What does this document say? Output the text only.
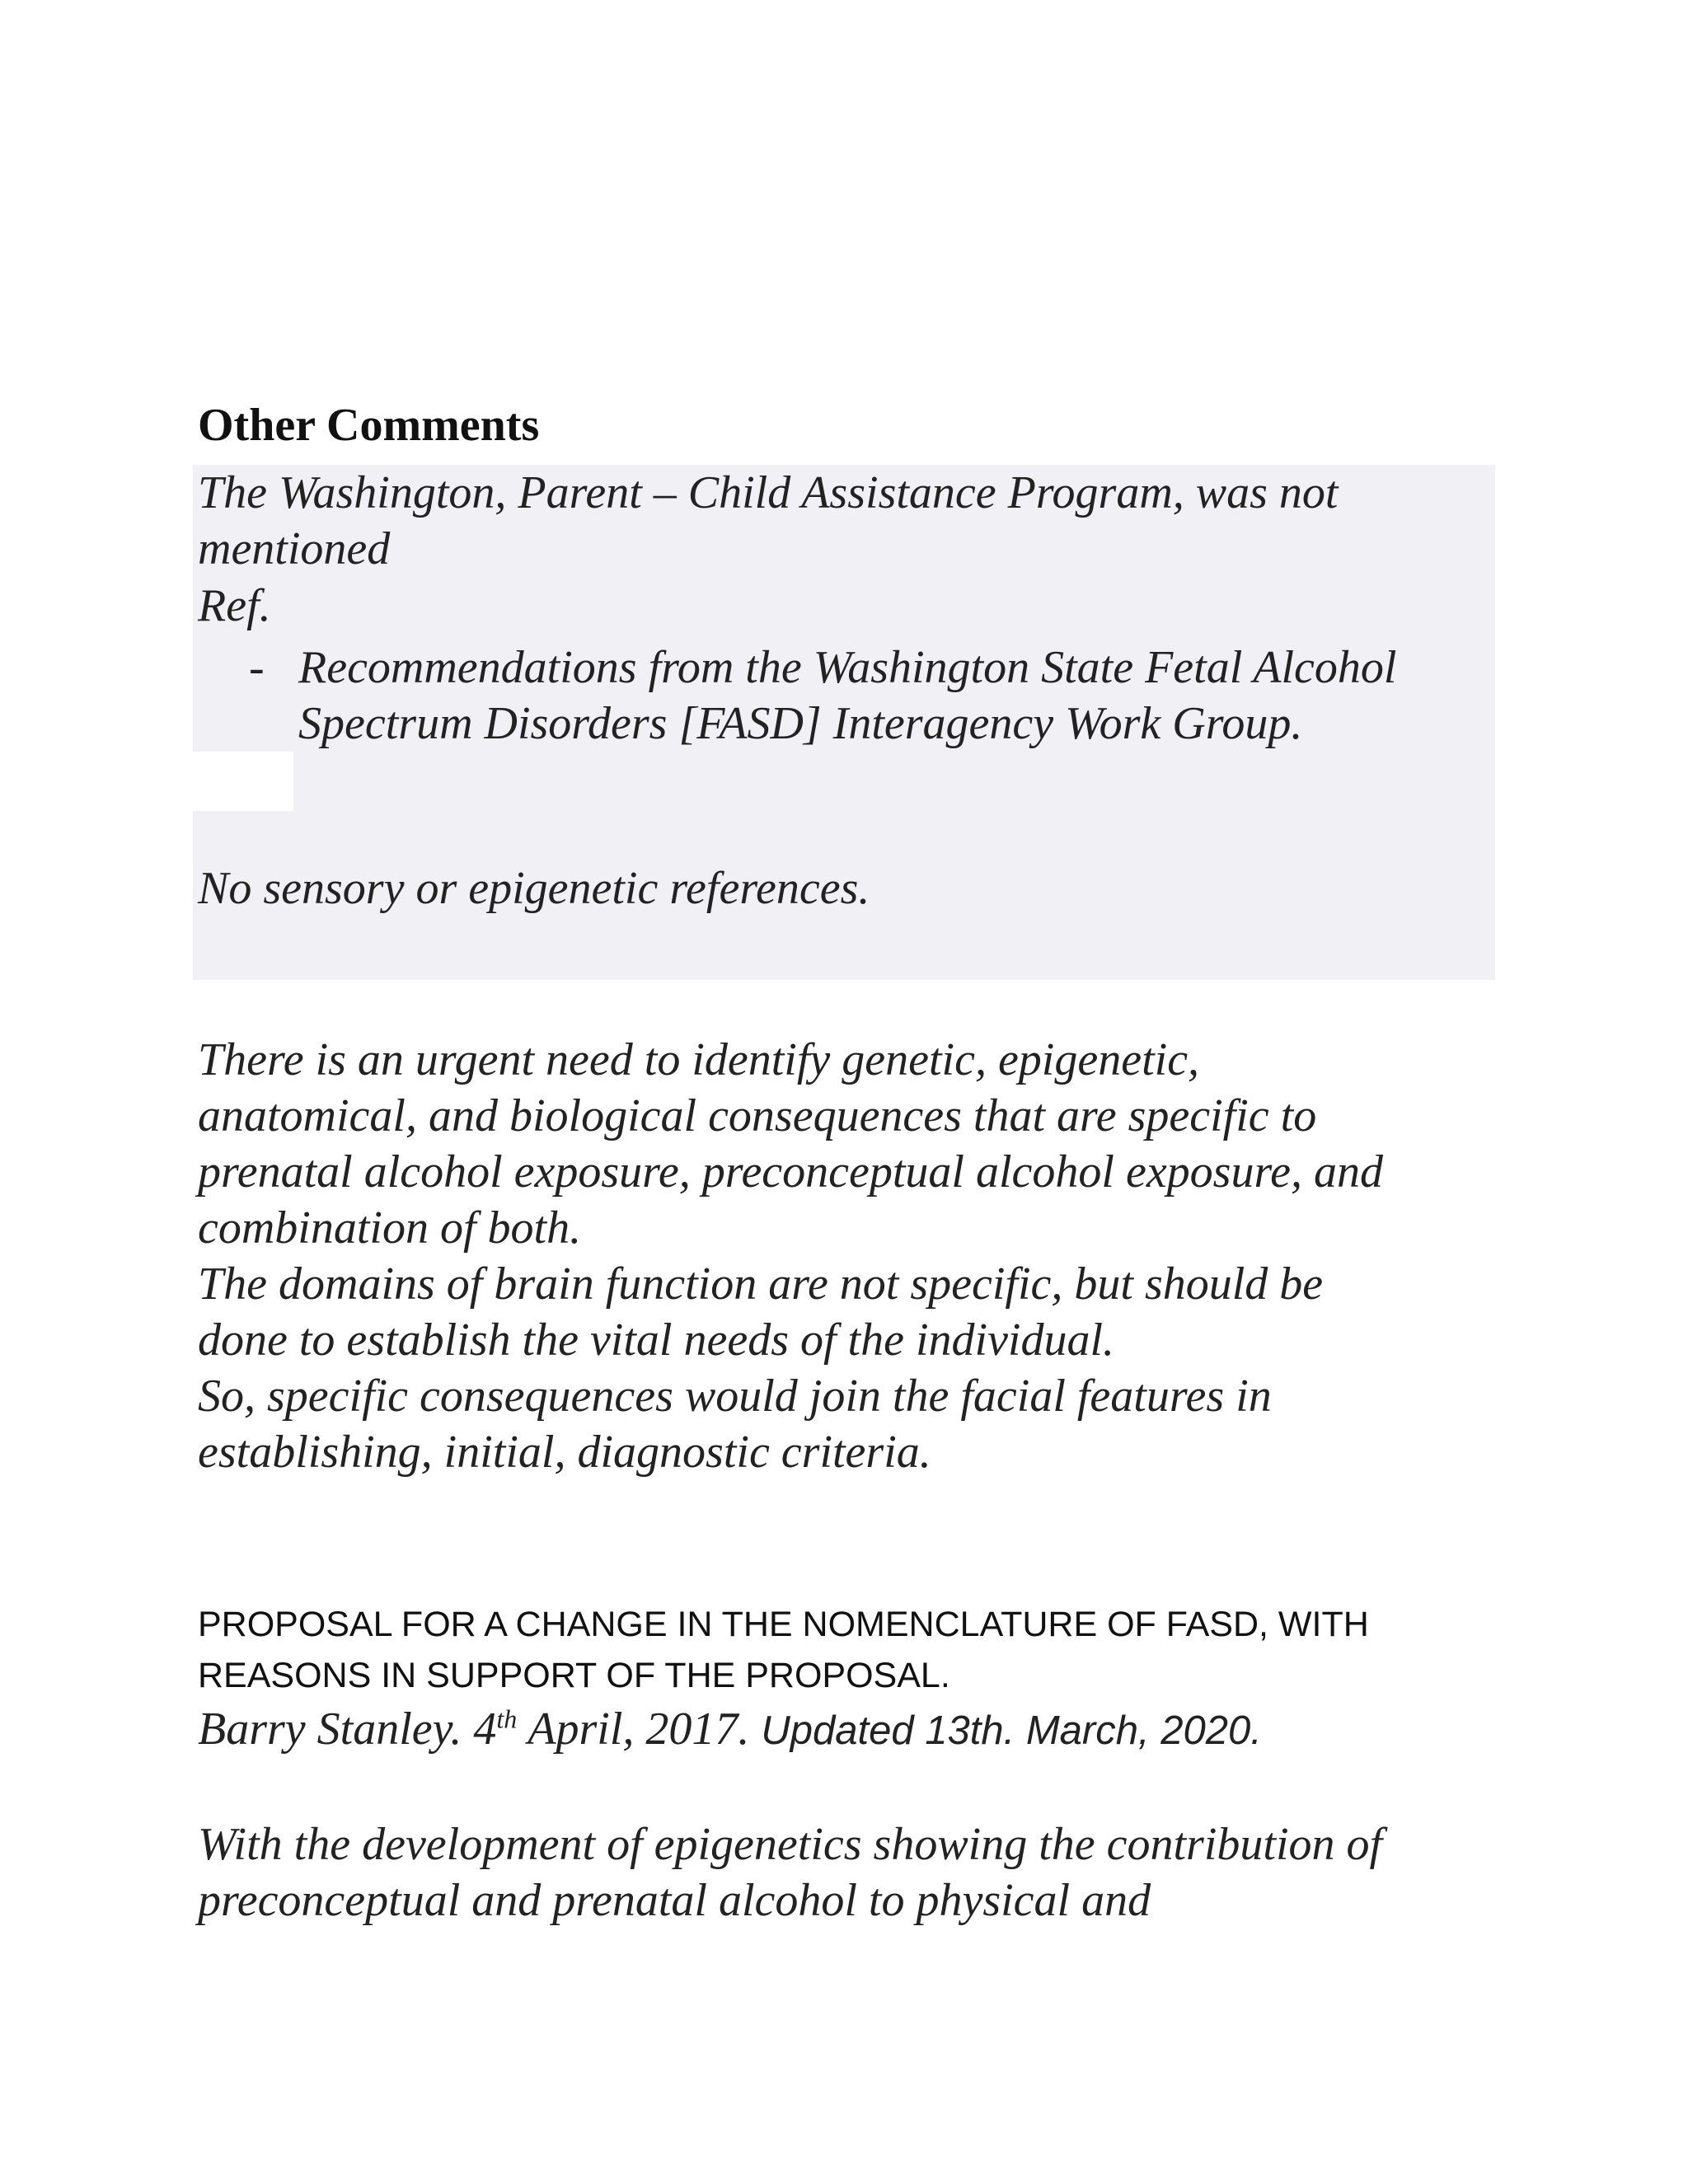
Other Comments
The Washington, Parent – Child Assistance Program, was not
mentioned
Ref.
- Recommendations from the Washington State Fetal Alcohol
Spectrum Disorders [FASD] Interagency Work Group.
No sensory or epigenetic references.
There is an urgent need to identify genetic, epigenetic,
anatomical, and biological consequences that are specific to
prenatal alcohol exposure, preconceptual alcohol exposure, and
combination of both.
The domains of brain function are not specific, but should be
done to establish the vital needs of the individual.
So, specific consequences would join the facial features in
establishing, initial, diagnostic criteria.
PROPOSAL FOR A CHANGE IN THE NOMENCLATURE OF FASD, WITH
REASONS IN SUPPORT OF THE PROPOSAL.
Barry Stanley. 4th April, 2017. Updated 13th. March, 2020.
With the development of epigenetics showing the contribution of
preconceptual and prenatal alcohol to physical and
